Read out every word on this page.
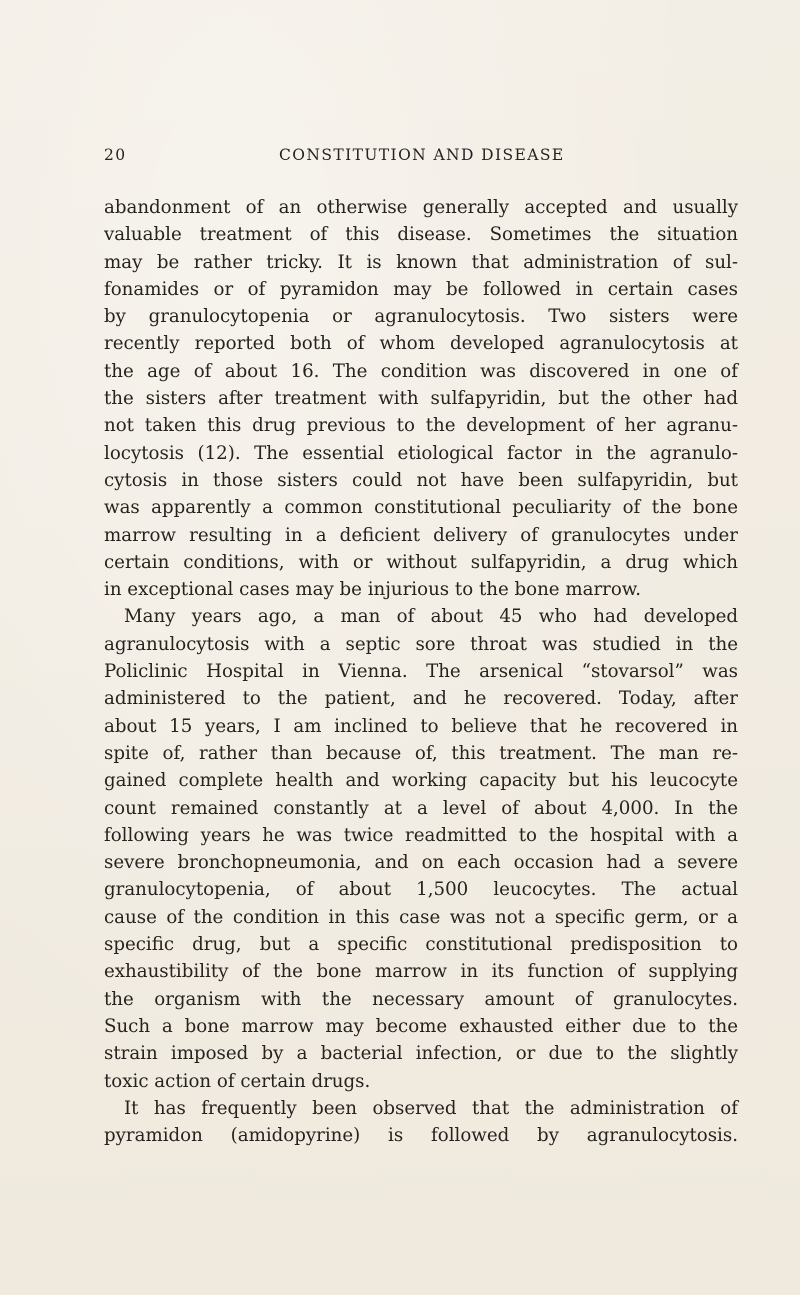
20	CONSTITUTION AND DISEASE
abandonment of an otherwise generally accepted and usually
valuable treatment of this disease. Sometimes the situation
may be rather tricky. It is known that administration of sul-
fonamides or of pyramidon may be followed in certain cases
by granulocytopenia or agranulocytosis. Two sisters were
recently reported both of whom developed agranulocytosis at
the age of about 16. The condition was discovered in one of
the sisters after treatment with sulfapyridin, but the other had
not taken this drug previous to the development of her agranu-
locytosis (12). The essential etiological factor in the agranulo-
cytosis in those sisters could not have been sulfapyridin, but
was apparently a common constitutional peculiarity of the bone
marrow resulting in a deficient delivery of granulocytes under
certain conditions, with or without sulfapyridin, a drug which
in exceptional cases may be injurious to the bone marrow.
Many years ago, a man of about 45 who had developed
agranulocytosis with a septic sore throat was studied in the
Policlinic Hospital in Vienna. The arsenical “stovarsol” was
administered to the patient, and he recovered. Today, after
about 15 years, I am inclined to believe that he recovered in
spite of, rather than because of, this treatment. The man re-
gained complete health and working capacity but his leucocyte
count remained constantly at a level of about 4,000. In the
following years he was twice readmitted to the hospital with a
severe bronchopneumonia, and on each occasion had a severe
granulocytopenia, of about 1,500 leucocytes. The actual
cause of the condition in this case was not a specific germ, or a
specific drug, but a specific constitutional predisposition to
exhaustibility of the bone marrow in its function of supplying
the organism with the necessary amount of granulocytes.
Such a bone marrow may become exhausted either due to the
strain imposed by a bacterial infection, or due to the slightly
toxic action of certain drugs.
It has frequently been observed that the administration of
pyramidon (amidopyrine) is followed by agranulocytosis.
